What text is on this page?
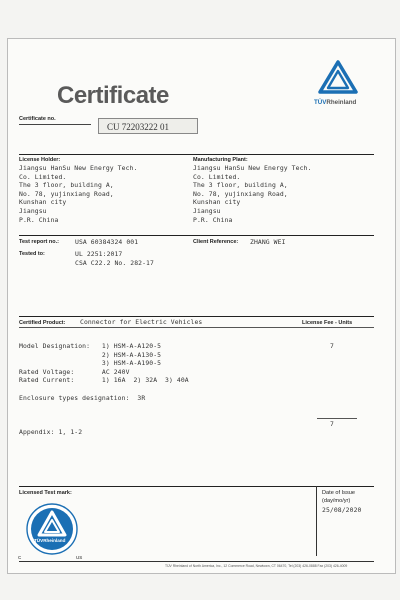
Certificate	TÜVRheinland
Certificate no.
CU 72203222 01
License Holder:
Jiangsu HanSu New Energy Tech.
Co. Limited.
The 3 floor, building A,
No. 78, yujinxiang Road,
Kunshan city
Jiangsu
P.R. China
Manufacturing Plant:
Jiangsu HanSu New Energy Tech.
Co. Limited.
The 3 floor, building A,
No. 78, yujinxiang Road,
Kunshan city
Jiangsu
P.R. China
Test report no.:	USA 60384324 001
Tested to:	UL 2251:2017
CSA C22.2 No. 282-17
Client Reference: ZHANG WEI
Certified Product: Connector for Electric Vehicles	License Fee - Units
Model Designation:   1) HSM-A-A120-5
2) HSM-A-A130-5
3) HSM-A-A190-5
Rated Voltage:       AC 240V
Rated Current:       1) 16A  2) 32A  3) 40A

Enclosure types designation:  3R

Appendix: 1, 1-2
7
7
Licensed Test mark:
TÜVRheinland
C	US
Date of Issue
(day/mo/yr)
25/08/2020
TÜV Rheinland of North America, Inc., 12 Commerce Road, Newtown, CT 06470, Tel (203) 426-0888 Fax (203) 426-4009
